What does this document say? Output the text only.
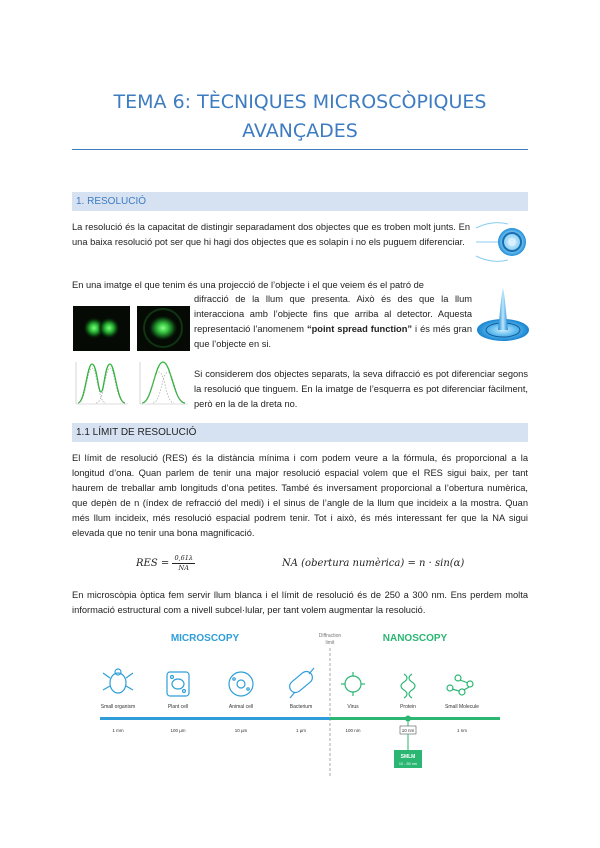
TEMA 6: TÈCNIQUES MICROSCÒPIQUES
AVANÇADES
1. RESOLUCIÓ

La resolució és la capacitat de distingir separadament dos objectes que es troben molt junts. En una baixa resolució pot ser que hi hagi dos objectes que es solapin i no els puguem diferenciar.

En una imatge el que tenim és una projecció de l’objecte i el que veiem és el patró de

difracció de la llum que presenta. Això és des que la llum interacciona amb l’objecte fins que arriba al detector. Aquesta representació l’anomenem “point spread function” i és més gran que l’objecte en si.

Si considerem dos objectes separats, la seva difracció es pot diferenciar segons la resolució que tinguem. En la imatge de l’esquerra es pot diferenciar fàcilment, però en la de la dreta no.

1.1 LÍMIT DE RESOLUCIÓ

El límit de resolució (RES) és la distància mínima i com podem veure a la fórmula, és proporcional a la longitud d’ona. Quan parlem de tenir una major resolució espacial volem que el RES sigui baix, per tant haurem de treballar amb longituds d’ona petites. També és inversament proporcional a l’obertura numèrica, que depèn de n (índex de refracció del medi) i el sinus de l’angle de la llum que incideix a la mostra. Quan més llum incideix, més resolució espacial podrem tenir. Tot i això, és més interessant fer que la NA sigui elevada que no tenir una bona magnificació.

RES = $\frac{0,61\lambda}{NA}$	NA (obertura numèrica) = n · sin(α)

En microscòpia òptica fem servir llum blanca i el límit de resolució és de 250 a 300 nm. Ens perdem molta informació estructural com a nivell subcel·lular, per tant volem augmentar la resolució.

MICROSCOPY	NANOSCOPY
Diffraction
limit
Small organism	Plant cell	Animal cell	Bacterium	Virus	Protein	Small Molecule
1 mm	100 µm	10 µm	1 µm	100 nm	10 nm	1 nm
SMLM
10 - 50 nm
